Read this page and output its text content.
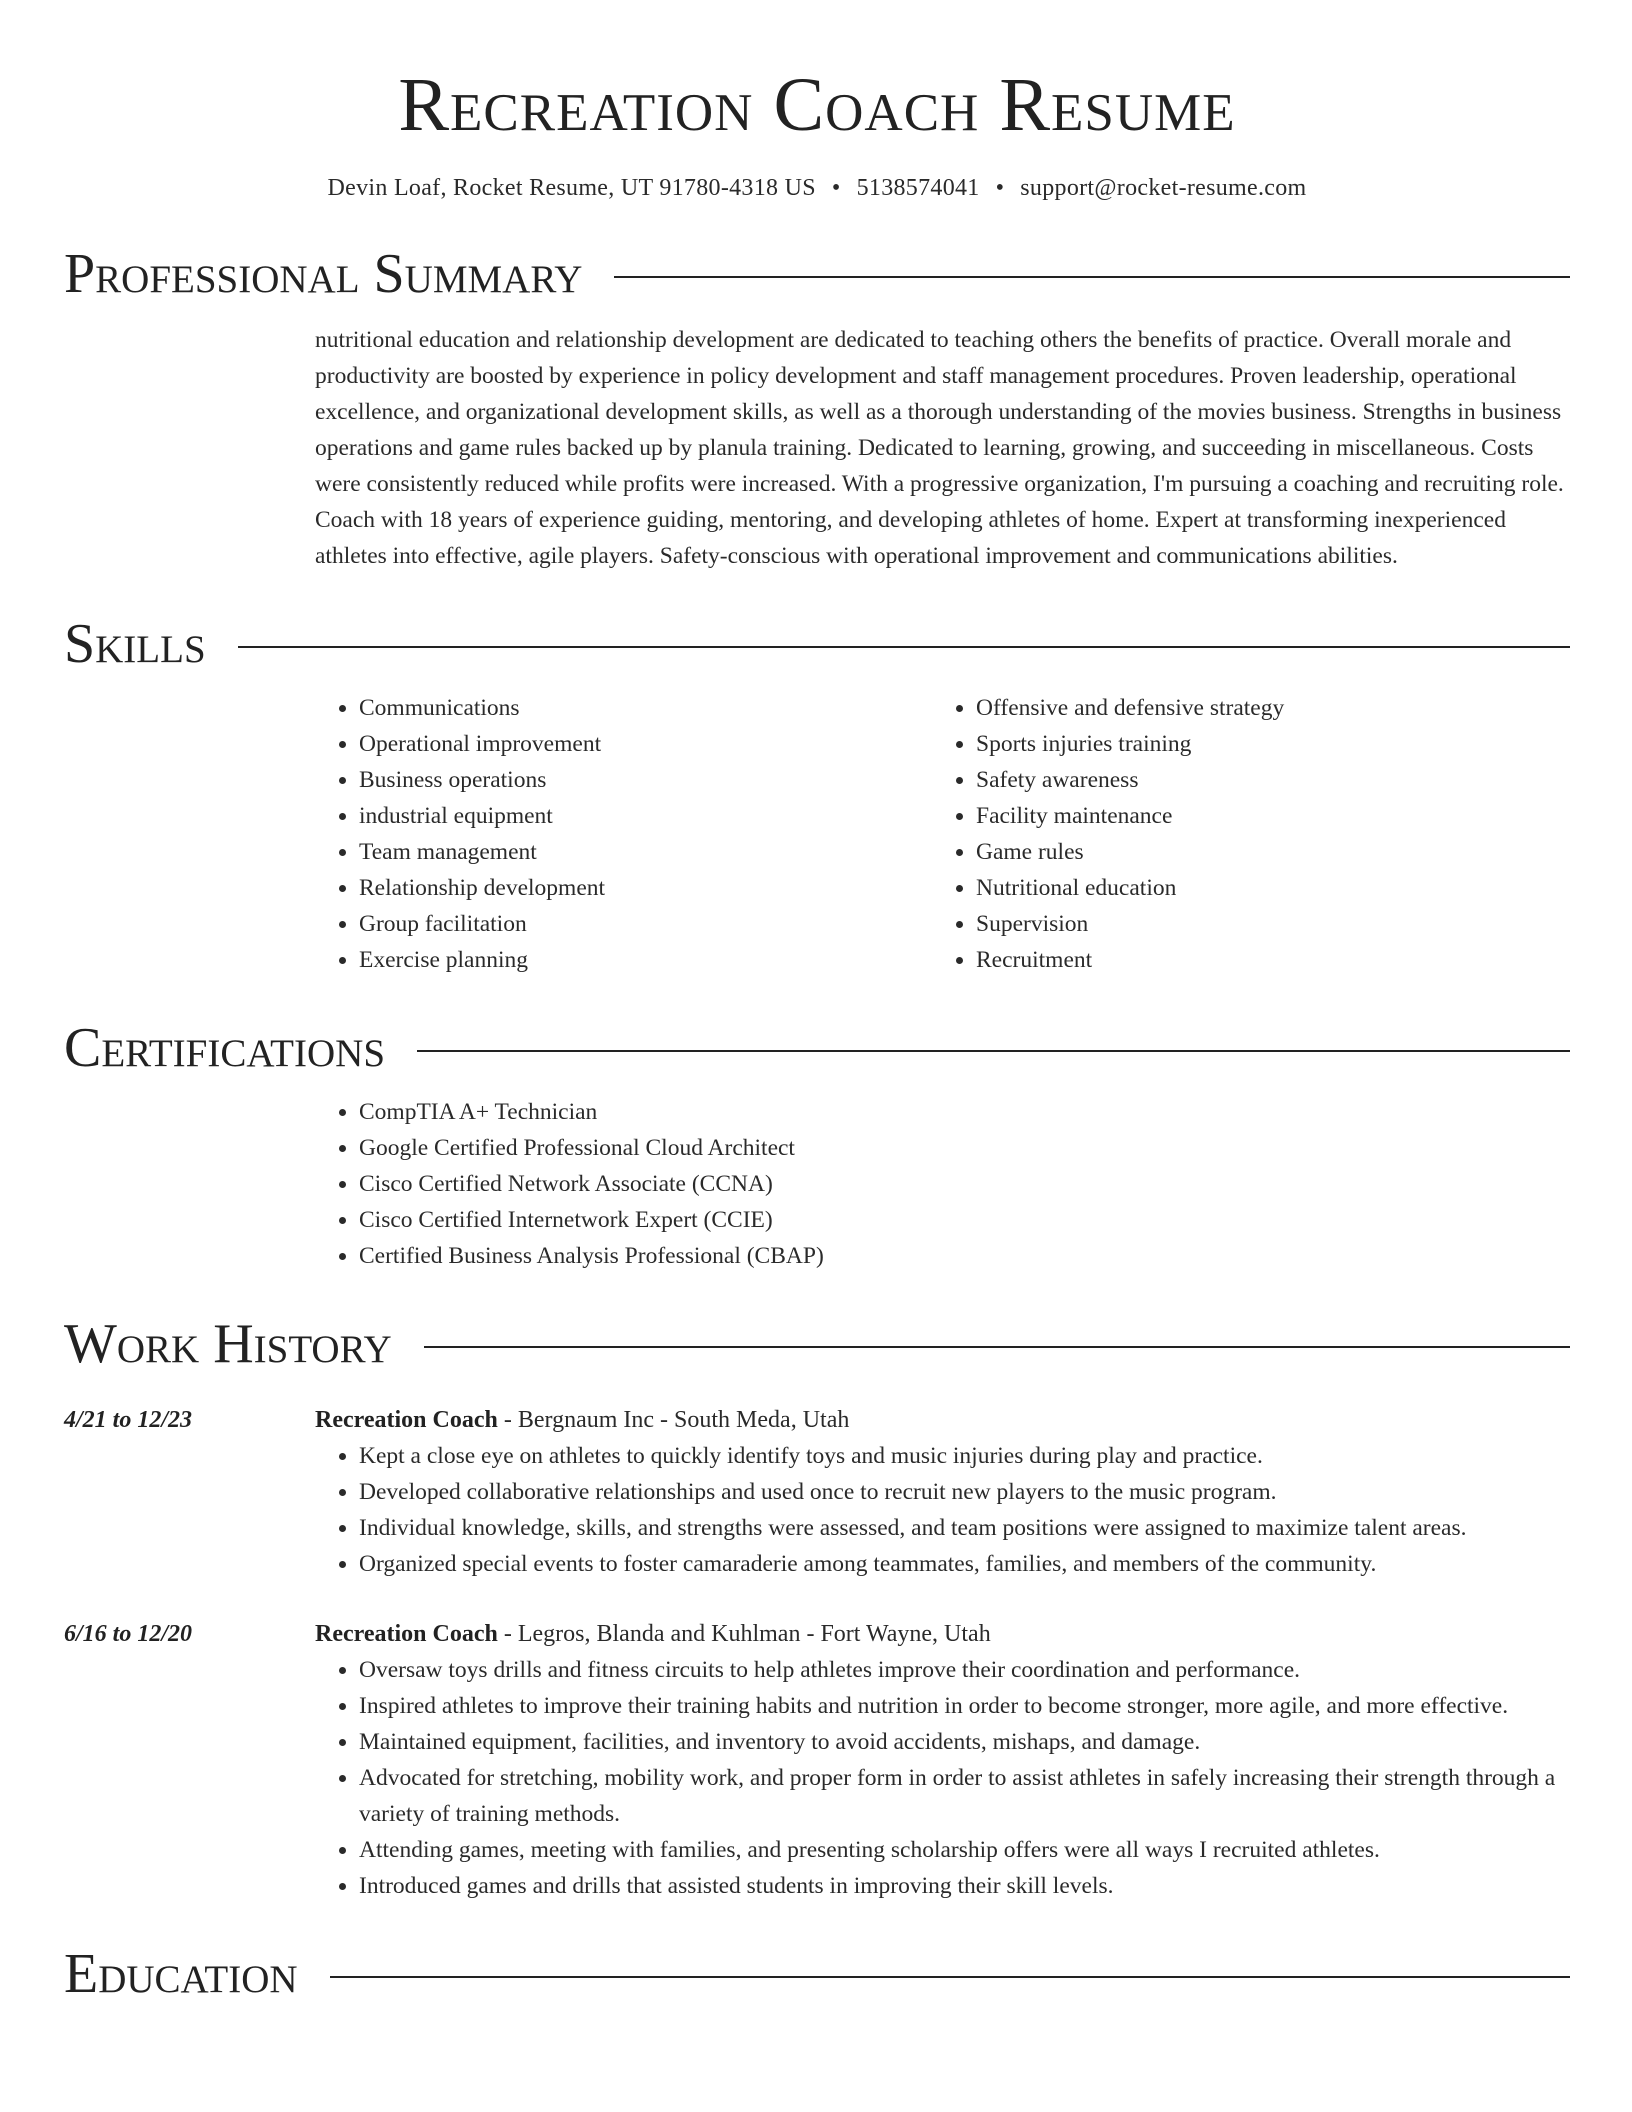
Recreation Coach Resume
Devin Loaf, Rocket Resume, UT 91780-4318 US • 5138574041 • support@rocket-resume.com
Professional Summary
nutritional education and relationship development are dedicated to teaching others the benefits of practice. Overall morale and productivity are boosted by experience in policy development and staff management procedures. Proven leadership, operational excellence, and organizational development skills, as well as a thorough understanding of the movies business. Strengths in business operations and game rules backed up by planula training. Dedicated to learning, growing, and succeeding in miscellaneous. Costs were consistently reduced while profits were increased. With a progressive organization, I'm pursuing a coaching and recruiting role. Coach with 18 years of experience guiding, mentoring, and developing athletes of home. Expert at transforming inexperienced athletes into effective, agile players. Safety-conscious with operational improvement and communications abilities.
Skills
• Communications
• Operational improvement
• Business operations
• industrial equipment
• Team management
• Relationship development
• Group facilitation
• Exercise planning
• Offensive and defensive strategy
• Sports injuries training
• Safety awareness
• Facility maintenance
• Game rules
• Nutritional education
• Supervision
• Recruitment
Certifications
• CompTIA A+ Technician
• Google Certified Professional Cloud Architect
• Cisco Certified Network Associate (CCNA)
• Cisco Certified Internetwork Expert (CCIE)
• Certified Business Analysis Professional (CBAP)
Work History
4/21 to 12/23	Recreation Coach - Bergnaum Inc - South Meda, Utah
• Kept a close eye on athletes to quickly identify toys and music injuries during play and practice.
• Developed collaborative relationships and used once to recruit new players to the music program.
• Individual knowledge, skills, and strengths were assessed, and team positions were assigned to maximize talent areas.
• Organized special events to foster camaraderie among teammates, families, and members of the community.
6/16 to 12/20	Recreation Coach - Legros, Blanda and Kuhlman - Fort Wayne, Utah
• Oversaw toys drills and fitness circuits to help athletes improve their coordination and performance.
• Inspired athletes to improve their training habits and nutrition in order to become stronger, more agile, and more effective.
• Maintained equipment, facilities, and inventory to avoid accidents, mishaps, and damage.
• Advocated for stretching, mobility work, and proper form in order to assist athletes in safely increasing their strength through a variety of training methods.
• Attending games, meeting with families, and presenting scholarship offers were all ways I recruited athletes.
• Introduced games and drills that assisted students in improving their skill levels.
Education
